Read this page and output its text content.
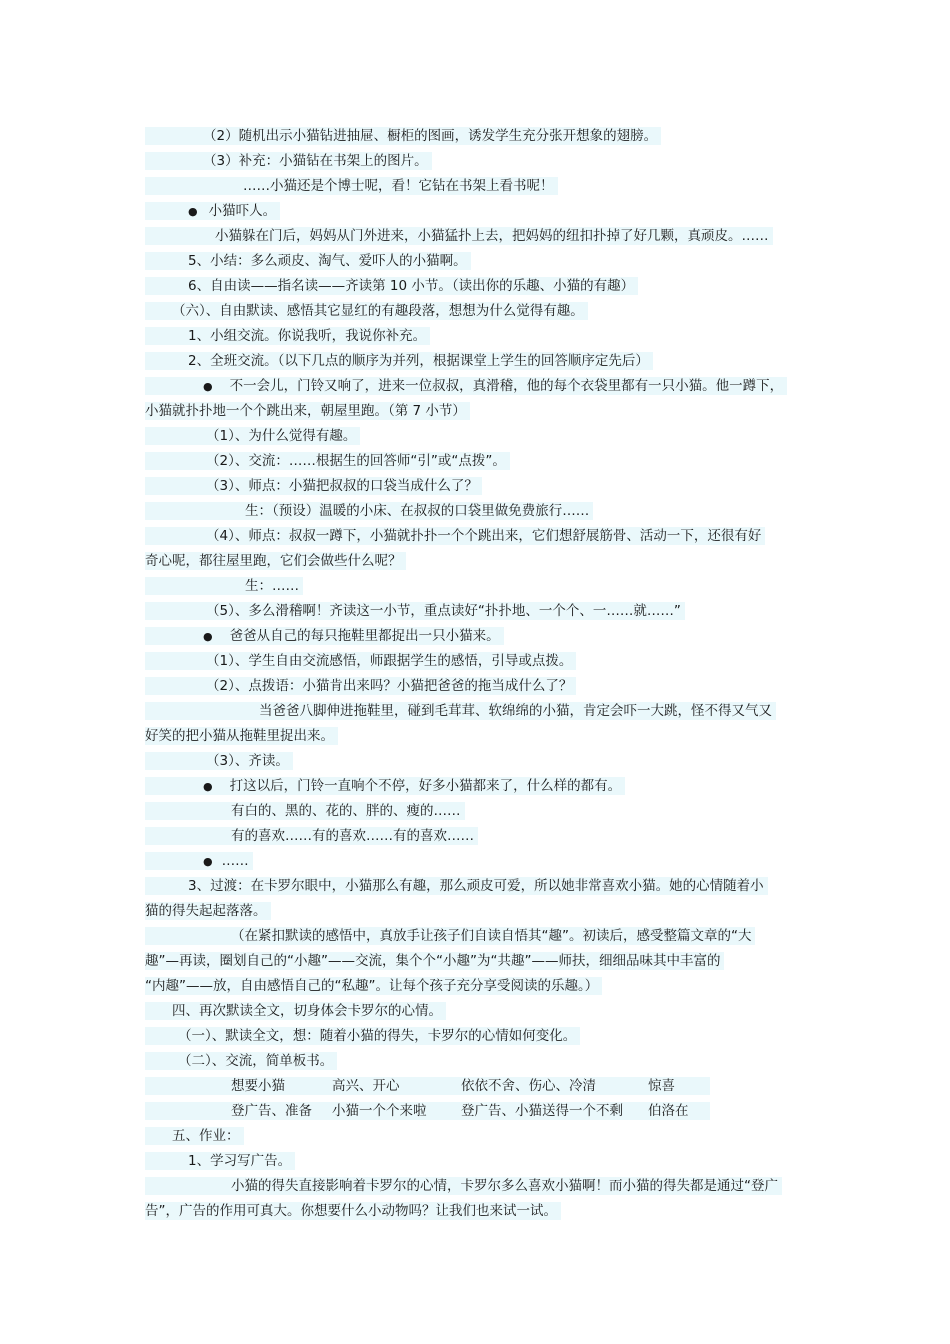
（2）随机出示小猫钻进抽屉、橱柜的图画，诱发学生充分张开想象的翅膀。
（3）补充：小猫钻在书架上的图片。
……小猫还是个博士呢，看！它钻在书架上看书呢！
● 小猫吓人。
小猫躲在门后，妈妈从门外进来，小猫猛扑上去，把妈妈的纽扣扑掉了好几颗，真顽皮。……
5、小结：多么顽皮、淘气、爱吓人的小猫啊。
6、自由读——指名读——齐读第 10 小节。（读出你的乐趣、小猫的有趣）
（六）、自由默读、感悟其它显红的有趣段落，想想为什么觉得有趣。
1、小组交流。你说我听，我说你补充。
2、全班交流。（以下几点的顺序为并列，根据课堂上学生的回答顺序定先后）
● 不一会儿，门铃又响了，进来一位叔叔，真滑稽，他的每个衣袋里都有一只小猫。他一蹲下，
小猫就扑扑地一个个跳出来，朝屋里跑。（第 7 小节）
（1）、为什么觉得有趣。
（2）、交流：……根据生的回答师“引”或“点拨”。
（3）、师点：小猫把叔叔的口袋当成什么了？
生：（预设）温暖的小床、在叔叔的口袋里做免费旅行……
（4）、师点：叔叔一蹲下，小猫就扑扑一个个跳出来，它们想舒展筋骨、活动一下，还很有好
奇心呢，都往屋里跑，它们会做些什么呢？
生：……
（5）、多么滑稽啊！齐读这一小节，重点读好“扑扑地、一个个、一……就……”
● 爸爸从自己的每只拖鞋里都捉出一只小猫来。
（1）、学生自由交流感悟，师跟据学生的感悟，引导或点拨。
（2）、点拨语：小猫肯出来吗？小猫把爸爸的拖当成什么了？
当爸爸八脚伸进拖鞋里，碰到毛茸茸、软绵绵的小猫，肯定会吓一大跳，怪不得又气又
好笑的把小猫从拖鞋里捉出来。
（3）、齐读。
● 打这以后，门铃一直响个不停，好多小猫都来了，什么样的都有。
有白的、黑的、花的、胖的、瘦的……
有的喜欢……有的喜欢……有的喜欢……
● ……
3、过渡：在卡罗尔眼中，小猫那么有趣，那么顽皮可爱，所以她非常喜欢小猫。她的心情随着小
猫的得失起起落落。
（在紧扣默读的感悟中，真放手让孩子们自读自悟其“趣”。初读后，感受整篇文章的“大
趣”—再读，圈划自己的“小趣”——交流，集个个“小趣”为“共趣”——师扶，细细品味其中丰富的
“内趣”——放，自由感悟自己的“私趣”。让每个孩子充分享受阅读的乐趣。）
四、再次默读全文，切身体会卡罗尔的心情。
（一）、默读全文，想：随着小猫的得失，卡罗尔的心情如何变化。
（二）、交流，简单板书。
五、作业：
1、学习写广告。
小猫的得失直接影响着卡罗尔的心情，卡罗尔多么喜欢小猫啊！而小猫的得失都是通过“登广
告”，广告的作用可真大。你想要什么小动物吗？让我们也来试一试。
想要小猫	高兴、开心	依依不舍、伤心、冷清	惊喜
登广告、准备 小猫一个个来啦	登广告、小猫送得一个不剩 伯洛在
